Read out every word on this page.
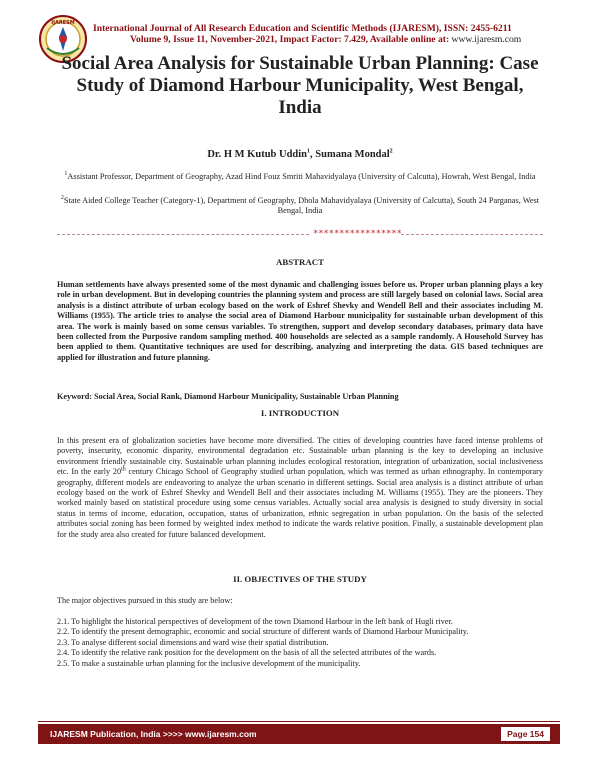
IJARESM International Journal of All Research Education and Scientific Methods (IJARESM), ISSN: 2455-6211
Volume 9, Issue 11, November-2021, Impact Factor: 7.429, Available online at: www.ijaresm.com
Social Area Analysis for Sustainable Urban Planning: Case Study of Diamond Harbour Municipality, West Bengal, India
Dr. H M Kutub Uddin$^1$, Sumana Mondal$^2$
$^1$Assistant Professor, Department of Geography, Azad Hind Fouz Smriti Mahavidyalaya (University of Calcutta), Howrah, West Bengal, India
$^2$State Aided College Teacher (Category-1), Department of Geography, Dhola Mahavidyalaya (University of Calcutta), South 24 Parganas, West Bengal, India
*****************
ABSTRACT
Human settlements have always presented some of the most dynamic and challenging issues before us. Proper urban planning plays a key role in urban development. But in developing countries the planning system and process are still largely based on colonial laws. Social area analysis is a distinct attribute of urban ecology based on the work of Eshref Shevky and Wendell Bell and their associates including M. Williams (1955). The article tries to analyse the social area of Diamond Harbour municipality for sustainable urban development of this area. The work is mainly based on some census variables. To strengthen, support and develop secondary databases, primary data have been collected from the Purposive random sampling method. 400 households are selected as a sample randomly. A Household Survey has been applied to them. Quantitative techniques are used for describing, analyzing and interpreting the data. GIS based techniques are applied for illustration and future planning.
Keyword: Social Area, Social Rank, Diamond Harbour Municipality, Sustainable Urban Planning
I. INTRODUCTION
In this present era of globalization societies have become more diversified. The cities of developing countries have faced intense problems of poverty, insecurity, economic disparity, environmental degradation etc. Sustainable urban planning is the key to developing an inclusive environment friendly sustainable city. Sustainable urban planning includes ecological restoration, integration of urbanization, social inclusiveness etc. In the early 20th century Chicago School of Geography studied urban population, which was termed as urban ethnography. In contemporary geography, different models are endeavoring to analyze the urban scenario in different settings. Social area analysis is a distinct attribute of urban ecology based on the work of Eshref Shevky and Wendell Bell and their associates including M. Williams (1955). They are the pioneers. They worked mainly based on statistical procedure using some census variables. Actually social area analysis is designed to study diversity in social status in terms of income, education, occupation, status of urbanization, ethnic segregation in urban population. On the basis of the selected attributes social zoning has been formed by weighted index method to indicate the wards relative position. Finally, a sustainable development plan for the study area also created for future balanced development.
II. OBJECTIVES OF THE STUDY
The major objectives pursued in this study are below:
2.1. To highlight the historical perspectives of development of the town Diamond Harbour in the left bank of Hugli river.
2.2. To identify the present demographic, economic and social structure of different wards of Diamond Harbour Municipality.
2.3. To analyse different social dimensions and ward wise their spatial distribution.
2.4. To identify the relative rank position for the development on the basis of all the selected attributes of the wards.
2.5. To make a sustainable urban planning for the inclusive development of the municipality.
IJARESM Publication, India >>>> www.ijaresm.com	Page 154
